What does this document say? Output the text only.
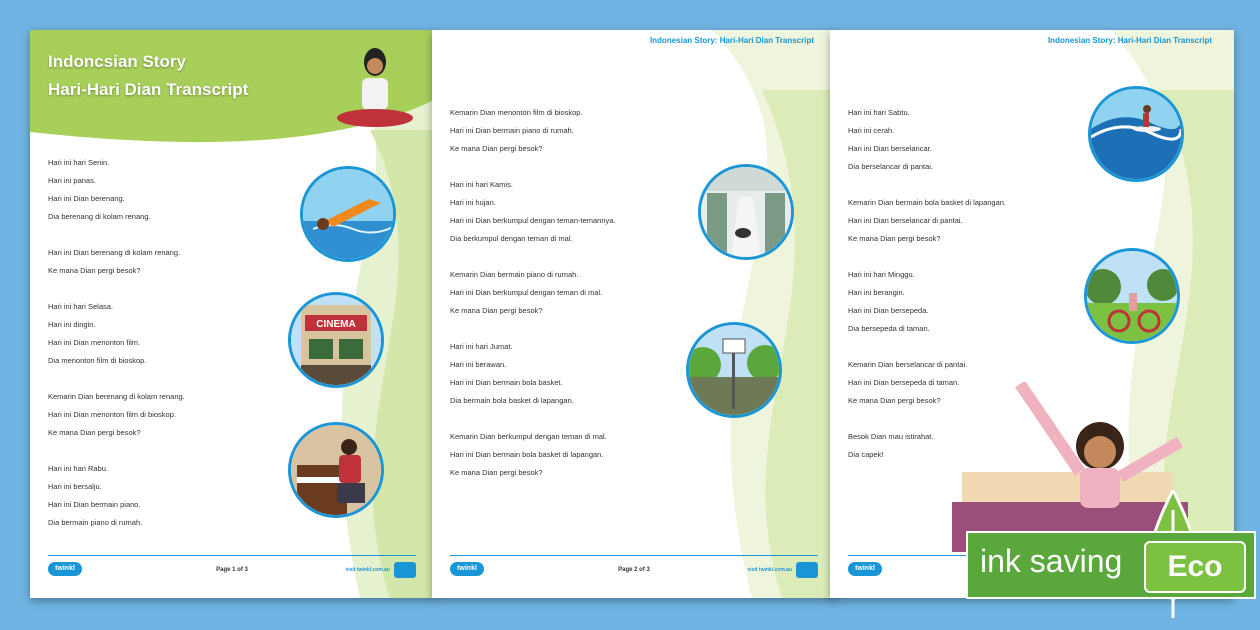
Indoncsian Story
Hari-Hari Dian Transcript
Hari ini hari Senin.
Hari ini panas.
Hari ini Dian berenang.
Dia berenang di kolam renang.
Hari ini Dian berenang di kolam renang.
Ke mana Dian pergi besok?
Hari ini hari Selasa.
Hari ini dingin.
Hari ini Dian menonton film.
Dia menonton film di bioskop.
Kemarin Dian berenang di kolam renang.
Hari ini Dian menonton film di bioskop.
Ke mana Dian pergi besok?
Hari ini hari Rabu.
Hari ini bersalju.
Hari ini Dian bermain piano.
Dia bermain piano di rumah.
CINEMA
twinkl	Page 1 of 3	visit twinkl.com.au
Indonesian Story: Hari-Hari Dian Transcript
Kemarin Dian menonton film di bioskop.
Hari ini Dian bermain piano di rumah.
Ke mana Dian pergi besok?
Hari ini hari Kamis.
Hari ini hujan.
Hari ini Dian berkumpul dengan teman-temannya.
Dia berkumpul dengan teman di mal.
Kemarin Dian bermain piano di rumah.
Hari ini Dian berkumpul dengan teman di mal.
Ke mana Dian pergi besok?
Hari ini hari Jumat.
Hari ini berawan.
Hari ini Dian bermain bola basket.
Dia bermain bola basket di lapangan.
Kemarin Dian berkumpul dengan teman di mal.
Hari ini Dian bermain bola basket di lapangan.
Ke mana Dian pergi besok?
twinkl	Page 2 of 3	visit twinkl.com.au
Indonesian Story: Hari-Hari Dian Transcript
Hari ini hari Sabtu.
Hari ini cerah.
Hari ini Dian berselancar.
Dia berselancar di pantai.
Kemarin Dian bermain bola basket di lapangan.
Hari ini Dian berselancar di pantai.
Ke mana Dian pergi besok?
Hari ini hari Minggu.
Hari ini berangin.
Hari ini Dian bersepeda.
Dia bersepeda di taman.
Kemarin Dian berselancar di pantai.
Hari ini Dian bersepeda di taman.
Ke mana Dian pergi besok?
Besok Dian mau istirahat.
Dia capek!
twinkl	ink saving	Eco
